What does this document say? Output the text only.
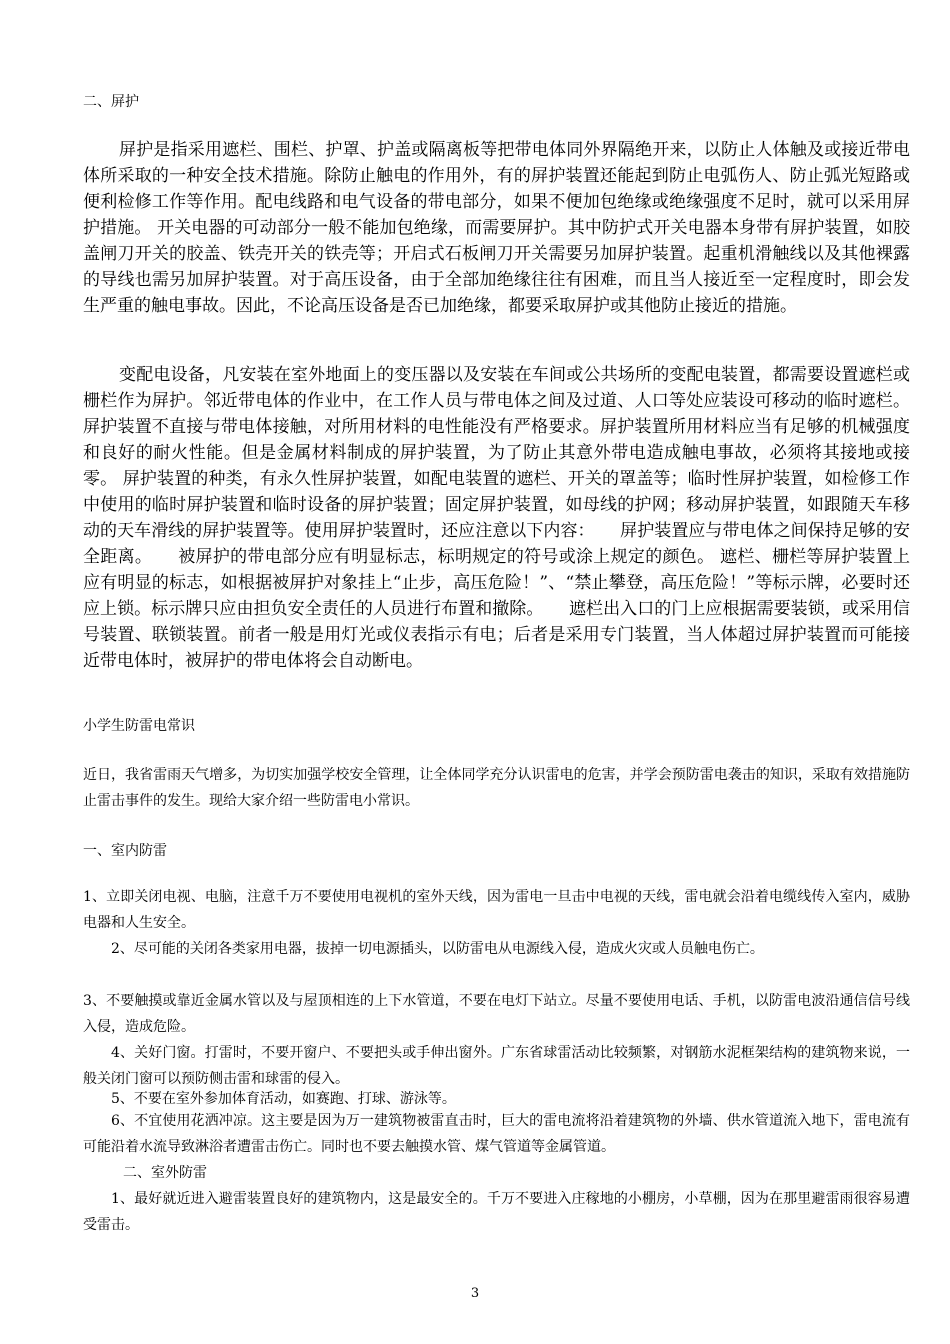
二、屏护

屏护是指采用遮栏、围栏、护罩、护盖或隔离板等把带电体同外界隔绝开来，以防止人体触及或接近带电体所采取的一种安全技术措施。除防止触电的作用外，有的屏护装置还能起到防止电弧伤人、防止弧光短路或便利检修工作等作用。配电线路和电气设备的带电部分，如果不便加包绝缘或绝缘强度不足时，就可以采用屏护措施。 开关电器的可动部分一般不能加包绝缘，而需要屏护。其中防护式开关电器本身带有屏护装置，如胶盖闸刀开关的胶盖、铁壳开关的铁壳等；开启式石板闸刀开关需要另加屏护装置。起重机滑触线以及其他裸露的导线也需另加屏护装置。对于高压设备，由于全部加绝缘往往有困难，而且当人接近至一定程度时，即会发生严重的触电事故。因此，不论高压设备是否已加绝缘，都要采取屏护或其他防止接近的措施。

变配电设备，凡安装在室外地面上的变压器以及安装在车间或公共场所的变配电装置，都需要设置遮栏或栅栏作为屏护。邻近带电体的作业中，在工作人员与带电体之间及过道、人口等处应装设可移动的临时遮栏。 屏护装置不直接与带电体接触，对所用材料的电性能没有严格要求。屏护装置所用材料应当有足够的机械强度和良好的耐火性能。但是金属材料制成的屏护装置，为了防止其意外带电造成触电事故，必须将其接地或接零。 屏护装置的种类，有永久性屏护装置，如配电装置的遮栏、开关的罩盖等；临时性屏护装置，如检修工作中使用的临时屏护装置和临时设备的屏护装置；固定屏护装置，如母线的护网；移动屏护装置，如跟随天车移动的天车滑线的屏护装置等。使用屏护装置时，还应注意以下内容：　　屏护装置应与带电体之间保持足够的安全距离。　　被屏护的带电部分应有明显标志，标明规定的符号或涂上规定的颜色。 遮栏、栅栏等屏护装置上应有明显的标志，如根据被屏护对象挂上“止步，高压危险！”、“禁止攀登，高压危险！”等标示牌，必要时还应上锁。标示牌只应由担负安全责任的人员进行布置和撤除。　　遮栏出入口的门上应根据需要装锁，或采用信号装置、联锁装置。前者一般是用灯光或仪表指示有电；后者是采用专门装置，当人体超过屏护装置而可能接近带电体时，被屏护的带电体将会自动断电。

小学生防雷电常识

近日，我省雷雨天气增多，为切实加强学校安全管理，让全体同学充分认识雷电的危害，并学会预防雷电袭击的知识，采取有效措施防止雷击事件的发生。现给大家介绍一些防雷电小常识。

一、室内防雷

1、立即关闭电视、电脑，注意千万不要使用电视机的室外天线，因为雷电一旦击中电视的天线，雷电就会沿着电缆线传入室内，威胁电器和人生安全。

2、尽可能的关闭各类家用电器，拔掉一切电源插头，以防雷电从电源线入侵，造成火灾或人员触电伤亡。

3、不要触摸或靠近金属水管以及与屋顶相连的上下水管道，不要在电灯下站立。尽量不要使用电话、手机，以防雷电波沿通信信号线入侵，造成危险。

4、关好门窗。打雷时，不要开窗户、不要把头或手伸出窗外。广东省球雷活动比较频繁，对钢筋水泥框架结构的建筑物来说，一般关闭门窗可以预防侧击雷和球雷的侵入。

5、不要在室外参加体育活动，如赛跑、打球、游泳等。

6、不宜使用花洒冲凉。这主要是因为万一建筑物被雷直击时，巨大的雷电流将沿着建筑物的外墙、供水管道流入地下，雷电流有可能沿着水流导致淋浴者遭雷击伤亡。同时也不要去触摸水管、煤气管道等金属管道。

二、室外防雷

1、最好就近进入避雷装置良好的建筑物内，这是最安全的。千万不要进入庄稼地的小棚房，小草棚，因为在那里避雷雨很容易遭受雷击。

3
